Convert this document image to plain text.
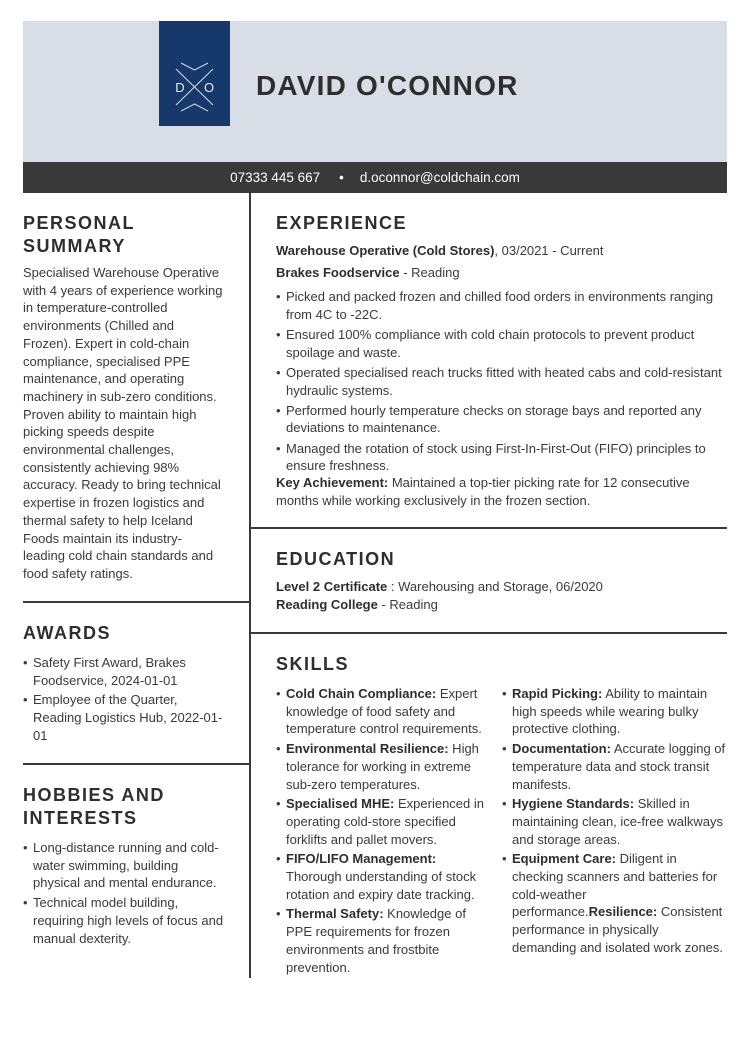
D O DAVID O'CONNOR
07333 445 667 • d.oconnor@coldchain.com
PERSONAL
SUMMARY
Specialised Warehouse Operative
with 4 years of experience working
in temperature-controlled
environments (Chilled and
Frozen). Expert in cold-chain
compliance, specialised PPE
maintenance, and operating
machinery in sub-zero conditions.
Proven ability to maintain high
picking speeds despite
environmental challenges,
consistently achieving 98%
accuracy. Ready to bring technical
expertise in frozen logistics and
thermal safety to help Iceland
Foods maintain its industry-
leading cold chain standards and
food safety ratings.
AWARDS
• Safety First Award, Brakes
Foodservice, 2024-01-01
• Employee of the Quarter,
Reading Logistics Hub, 2022-01-
01
HOBBIES AND
INTERESTS
• Long-distance running and cold-
water swimming, building
physical and mental endurance.
• Technical model building,
requiring high levels of focus and
manual dexterity.
EXPERIENCE
Warehouse Operative (Cold Stores), 03/2021 - Current
Brakes Foodservice - Reading
• Picked and packed frozen and chilled food orders in environments ranging
from 4C to -22C.
• Ensured 100% compliance with cold chain protocols to prevent product
spoilage and waste.
• Operated specialised reach trucks fitted with heated cabs and cold-resistant
hydraulic systems.
• Performed hourly temperature checks on storage bays and reported any
deviations to maintenance.
• Managed the rotation of stock using First-In-First-Out (FIFO) principles to
ensure freshness.
Key Achievement: Maintained a top-tier picking rate for 12 consecutive
months while working exclusively in the frozen section.
EDUCATION
Level 2 Certificate : Warehousing and Storage, 06/2020
Reading College - Reading
SKILLS
• Cold Chain Compliance: Expert
knowledge of food safety and
temperature control requirements.
• Environmental Resilience: High
tolerance for working in extreme
sub-zero temperatures.
• Specialised MHE: Experienced in
operating cold-store specified
forklifts and pallet movers.
• FIFO/LIFO Management:
Thorough understanding of stock
rotation and expiry date tracking.
• Thermal Safety: Knowledge of
PPE requirements for frozen
environments and frostbite
prevention.
• Rapid Picking: Ability to maintain
high speeds while wearing bulky
protective clothing.
• Documentation: Accurate logging of
temperature data and stock transit
manifests.
• Hygiene Standards: Skilled in
maintaining clean, ice-free walkways
and storage areas.
• Equipment Care: Diligent in
checking scanners and batteries for
cold-weather
performance.Resilience: Consistent
performance in physically
demanding and isolated work zones.
